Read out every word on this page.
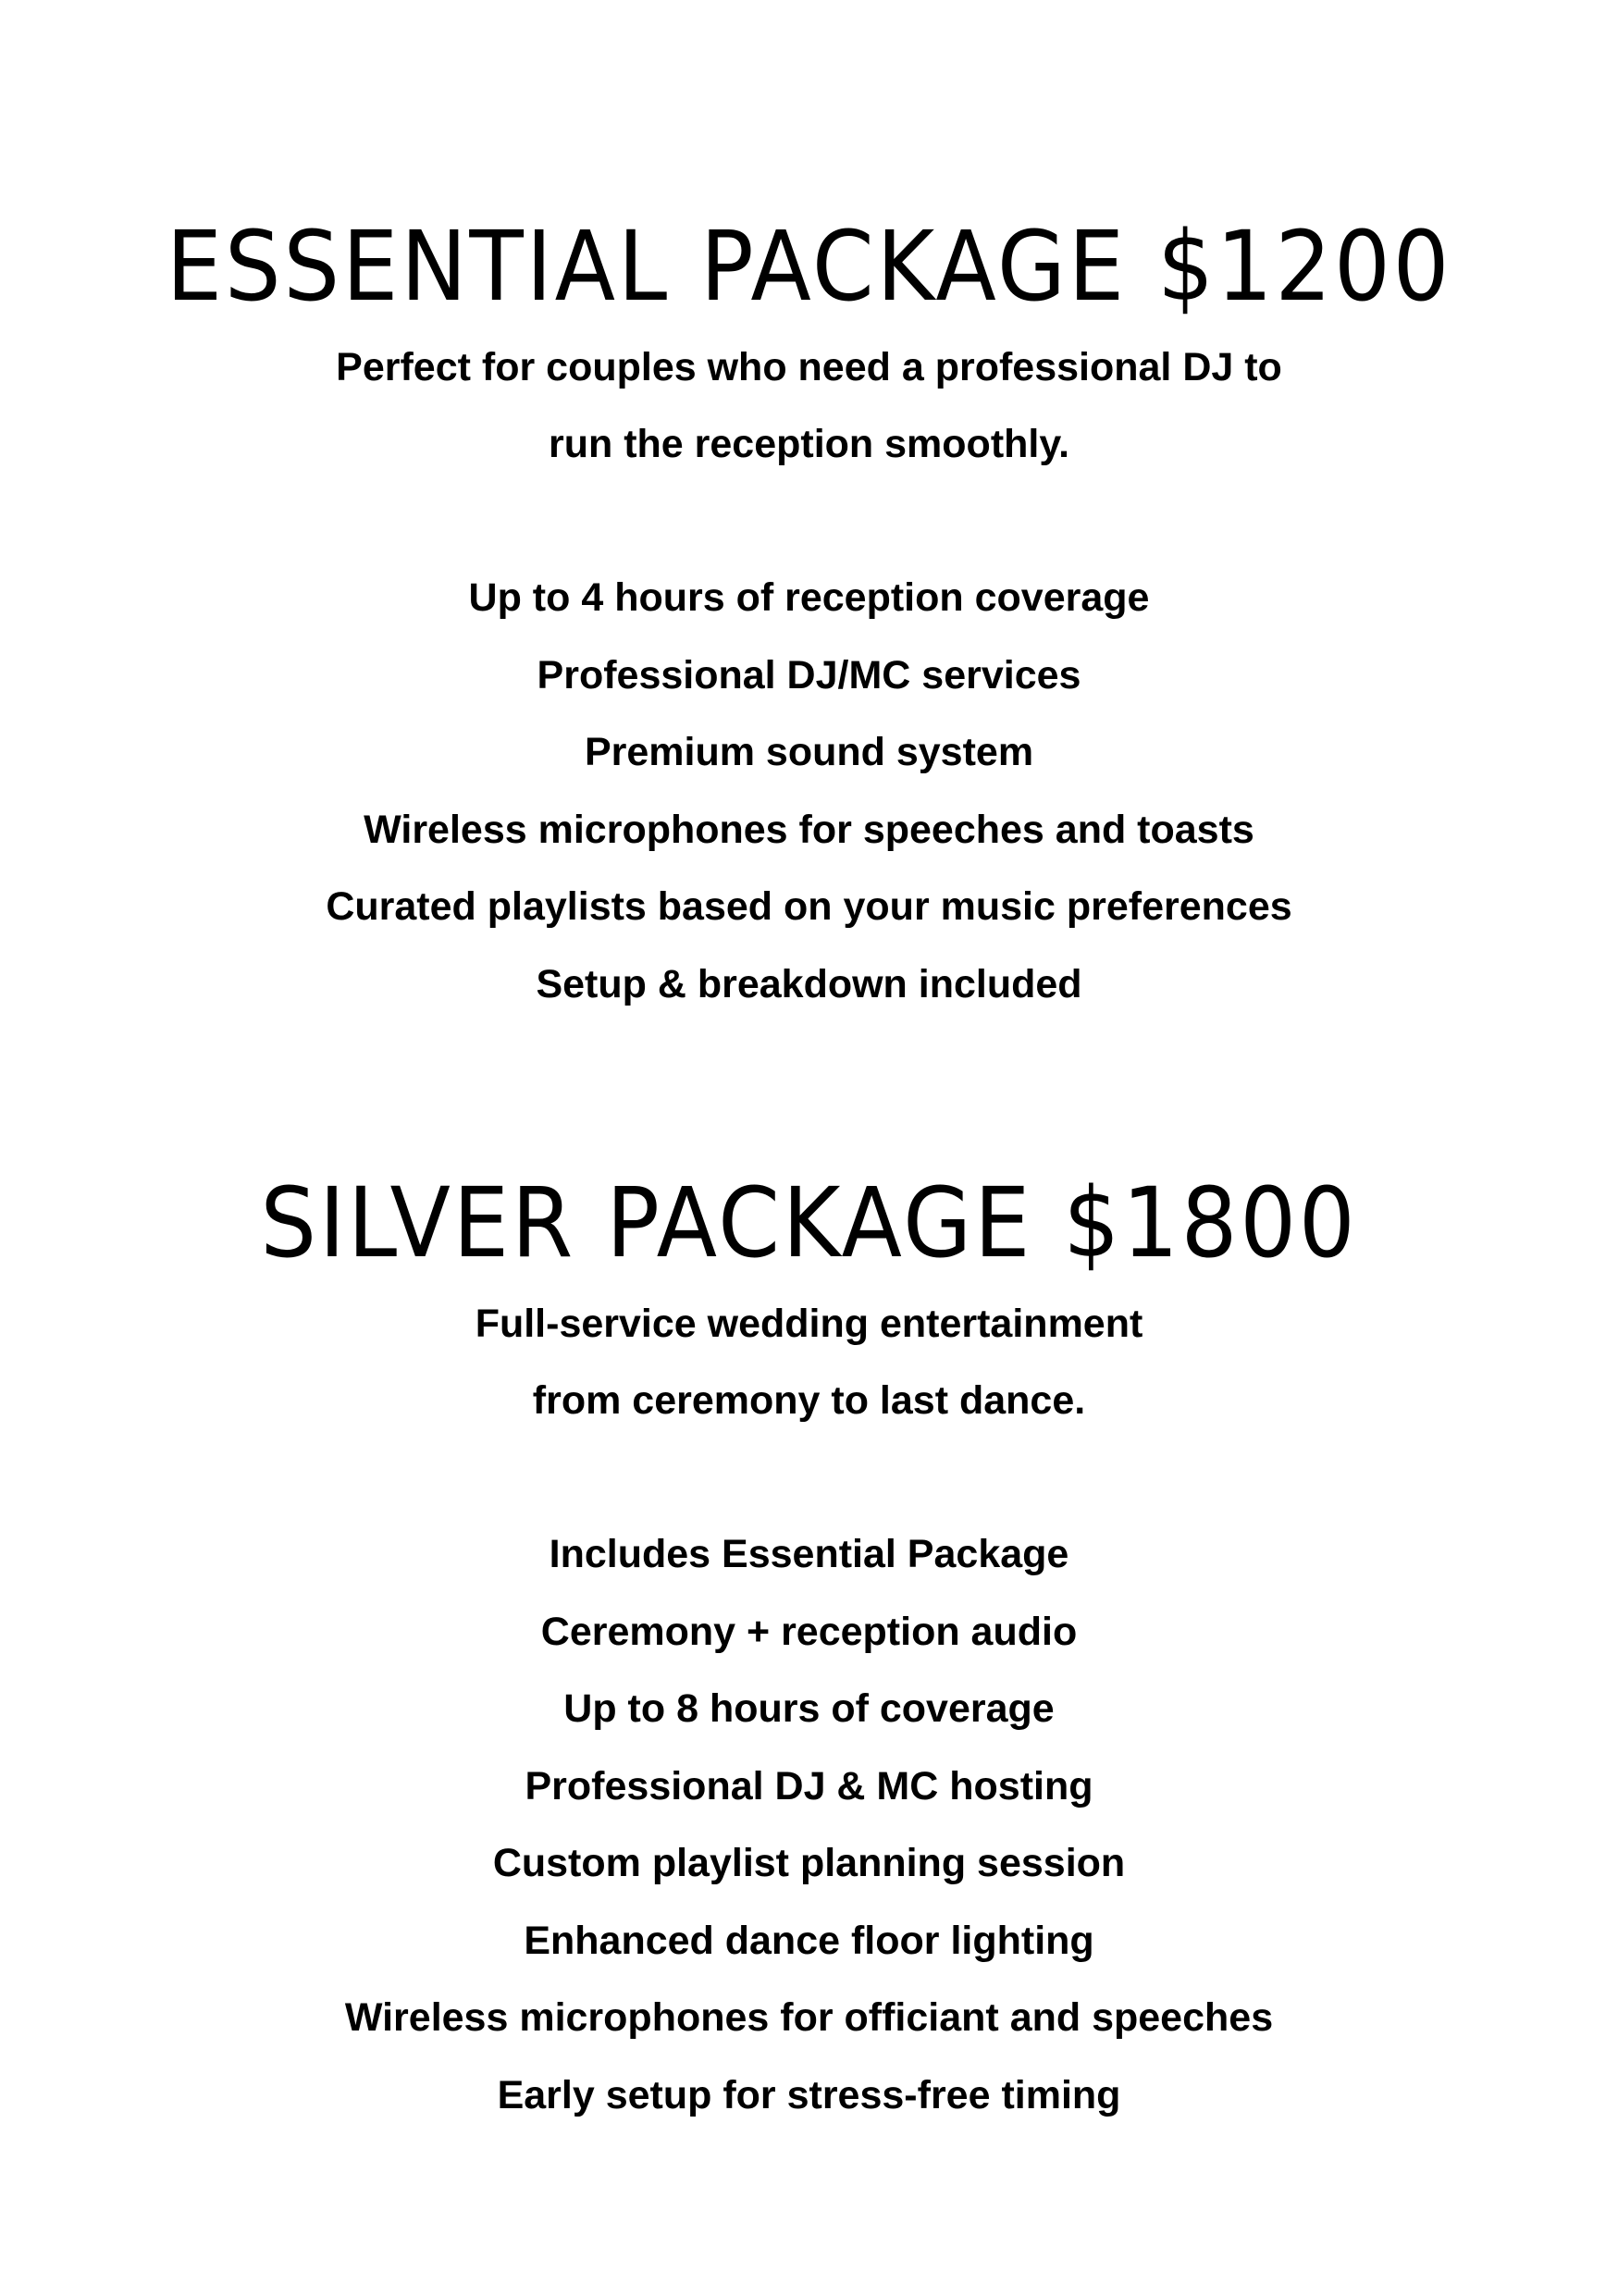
ESSENTIAL PACKAGE $1200
Perfect for couples who need a professional DJ to
run the reception smoothly.
Up to 4 hours of reception coverage
Professional DJ/MC services
Premium sound system
Wireless microphones for speeches and toasts
Curated playlists based on your music preferences
Setup & breakdown included
SILVER PACKAGE $1800
Full-service wedding entertainment
from ceremony to last dance.
Includes Essential Package
Ceremony + reception audio
Up to 8 hours of coverage
Professional DJ & MC hosting
Custom playlist planning session
Enhanced dance floor lighting
Wireless microphones for officiant and speeches
Early setup for stress-free timing
